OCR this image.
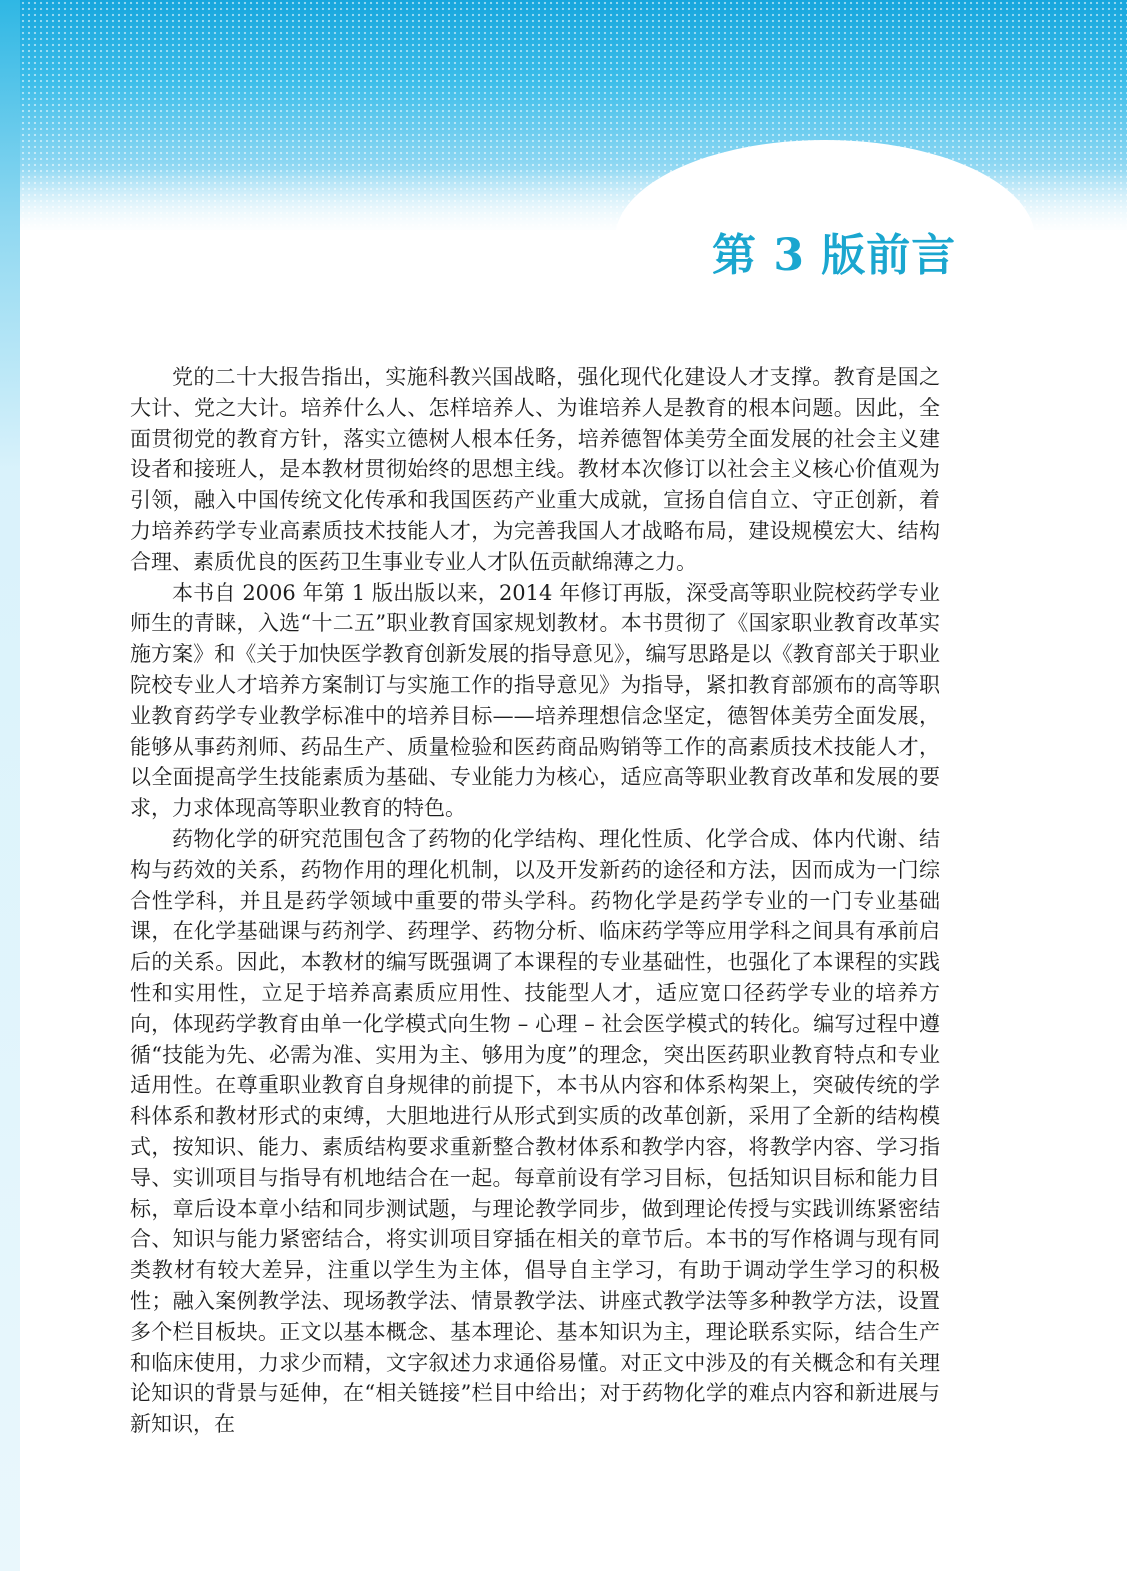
第 3 版前言

党的二十大报告指出，实施科教兴国战略，强化现代化建设人才支撑。教育是国之大计、党之大计。培养什么人、怎样培养人、为谁培养人是教育的根本问题。因此，全面贯彻党的教育方针，落实立德树人根本任务，培养德智体美劳全面发展的社会主义建设者和接班人，是本教材贯彻始终的思想主线。教材本次修订以社会主义核心价值观为引领，融入中国传统文化传承和我国医药产业重大成就，宣扬自信自立、守正创新，着力培养药学专业高素质技术技能人才，为完善我国人才战略布局，建设规模宏大、结构合理、素质优良的医药卫生事业专业人才队伍贡献绵薄之力。

本书自 2006 年第 1 版出版以来，2014 年修订再版，深受高等职业院校药学专业师生的青睐，入选“十二五”职业教育国家规划教材。本书贯彻了《国家职业教育改革实施方案》和《关于加快医学教育创新发展的指导意见》，编写思路是以《教育部关于职业院校专业人才培养方案制订与实施工作的指导意见》为指导，紧扣教育部颁布的高等职业教育药学专业教学标准中的培养目标——培养理想信念坚定，德智体美劳全面发展，能够从事药剂师、药品生产、质量检验和医药商品购销等工作的高素质技术技能人才，以全面提高学生技能素质为基础、专业能力为核心，适应高等职业教育改革和发展的要求，力求体现高等职业教育的特色。

药物化学的研究范围包含了药物的化学结构、理化性质、化学合成、体内代谢、结构与药效的关系，药物作用的理化机制，以及开发新药的途径和方法，因而成为一门综合性学科，并且是药学领域中重要的带头学科。药物化学是药学专业的一门专业基础课，在化学基础课与药剂学、药理学、药物分析、临床药学等应用学科之间具有承前启后的关系。因此，本教材的编写既强调了本课程的专业基础性，也强化了本课程的实践性和实用性，立足于培养高素质应用性、技能型人才，适应宽口径药学专业的培养方向，体现药学教育由单一化学模式向生物 – 心理 – 社会医学模式的转化。编写过程中遵循“技能为先、必需为准、实用为主、够用为度”的理念，突出医药职业教育特点和专业适用性。在尊重职业教育自身规律的前提下，本书从内容和体系构架上，突破传统的学科体系和教材形式的束缚，大胆地进行从形式到实质的改革创新，采用了全新的结构模式，按知识、能力、素质结构要求重新整合教材体系和教学内容，将教学内容、学习指导、实训项目与指导有机地结合在一起。每章前设有学习目标，包括知识目标和能力目标，章后设本章小结和同步测试题，与理论教学同步，做到理论传授与实践训练紧密结合、知识与能力紧密结合，将实训项目穿插在相关的章节后。本书的写作格调与现有同类教材有较大差异，注重以学生为主体，倡导自主学习，有助于调动学生学习的积极性；融入案例教学法、现场教学法、情景教学法、讲座式教学法等多种教学方法，设置多个栏目板块。正文以基本概念、基本理论、基本知识为主，理论联系实际，结合生产和临床使用，力求少而精，文字叙述力求通俗易懂。对正文中涉及的有关概念和有关理论知识的背景与延伸，在“相关链接”栏目中给出；对于药物化学的难点内容和新进展与新知识，在
